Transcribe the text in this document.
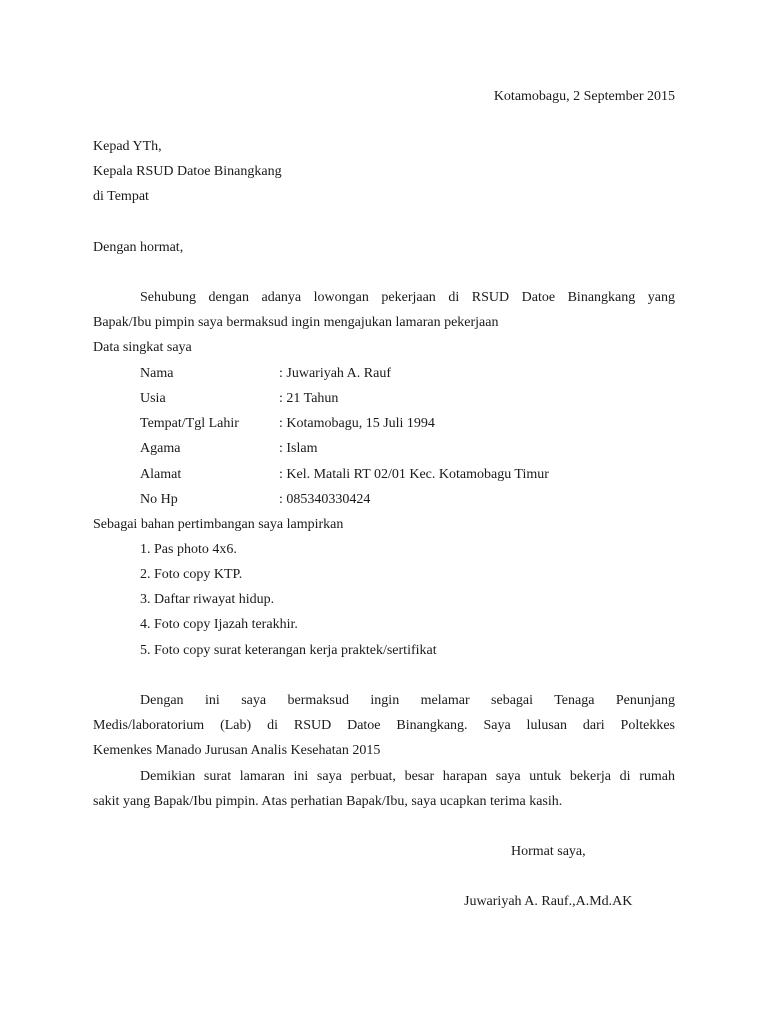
Kotamobagu, 2 September 2015
Kepad YTh,
Kepala RSUD Datoe Binangkang
di Tempat
Dengan hormat,
Sehubung dengan adanya lowongan pekerjaan di RSUD Datoe Binangkang yang
Bapak/Ibu pimpin saya bermaksud ingin mengajukan lamaran pekerjaan
Data singkat saya
Nama	: Juwariyah A. Rauf
Usia	: 21 Tahun
Tempat/Tgl Lahir	: Kotamobagu, 15 Juli 1994
Agama	: Islam
Alamat	: Kel. Matali RT 02/01 Kec. Kotamobagu Timur
No Hp	: 085340330424
Sebagai bahan pertimbangan saya lampirkan
1. Pas photo 4x6.
2. Foto copy KTP.
3. Daftar riwayat hidup.
4. Foto copy Ijazah terakhir.
5. Foto copy surat keterangan kerja praktek/sertifikat
Dengan ini saya bermaksud ingin melamar sebagai Tenaga Penunjang
Medis/laboratorium (Lab) di RSUD Datoe Binangkang. Saya lulusan dari Poltekkes
Kemenkes Manado Jurusan Analis Kesehatan 2015
Demikian surat lamaran ini saya perbuat, besar harapan saya untuk bekerja di rumah
sakit yang Bapak/Ibu pimpin. Atas perhatian Bapak/Ibu, saya ucapkan terima kasih.
Hormat saya,
Juwariyah A. Rauf.,A.Md.AK
